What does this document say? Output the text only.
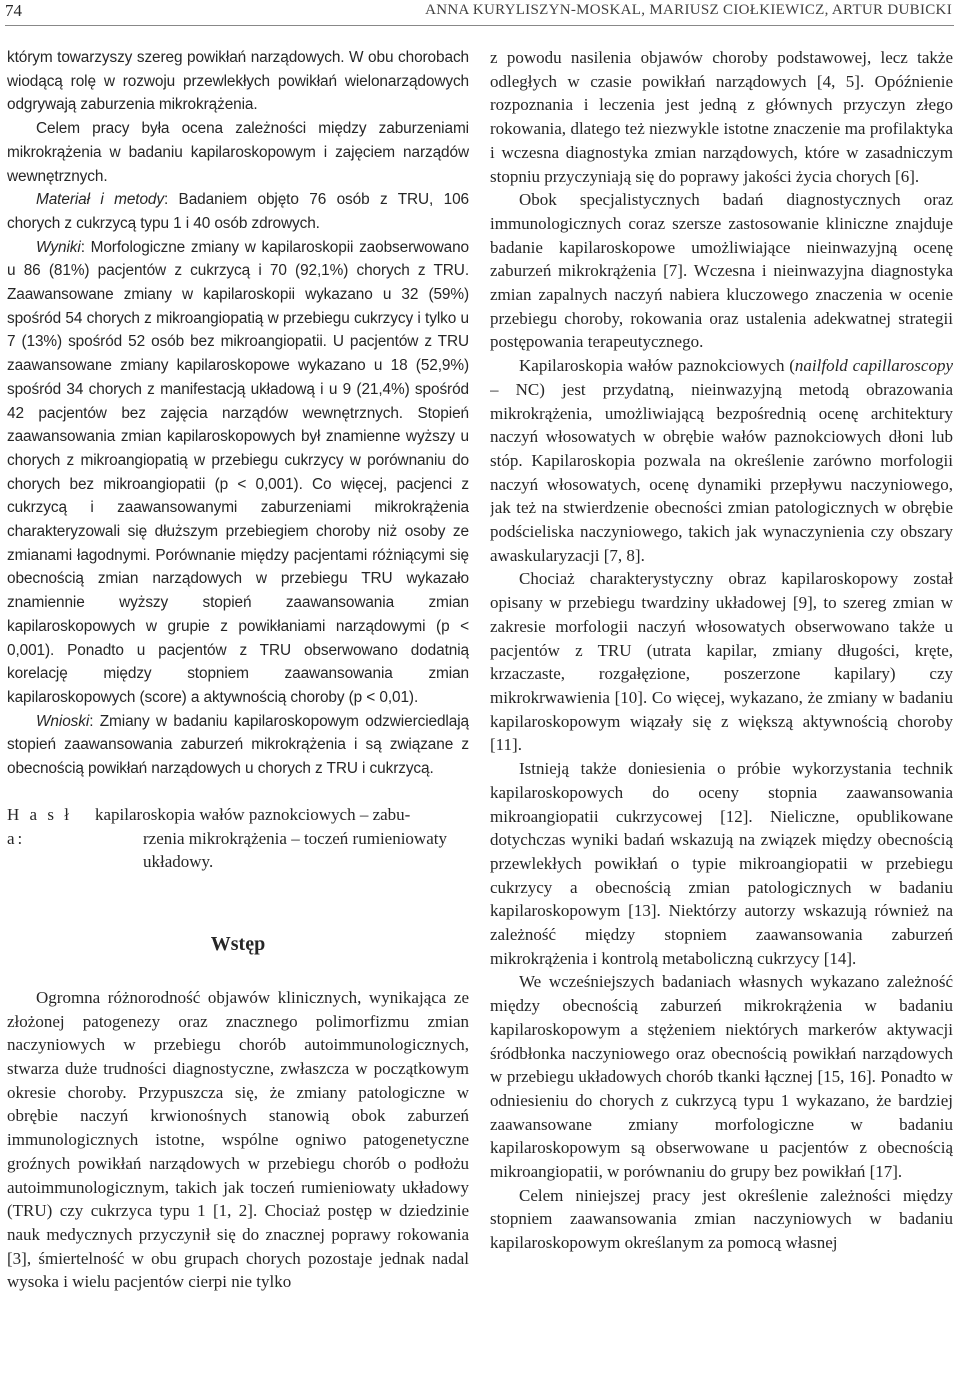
74	ANNA KURYLISZYN-MOSKAL, MARIUSZ CIOŁKIEWICZ, ARTUR DUBICKI

którym towarzyszy szereg powikłań narządowych. W obu chorobach wiodącą rolę w rozwoju przewlekłych powikłań wielonarządowych odgrywają zaburzenia mikrokrążenia.

Celem pracy była ocena zależności między zaburzeniami mikrokrążenia w badaniu kapilaroskopowym i zajęciem narządów wewnętrznych.

Materiał i metody: Badaniem objęto 76 osób z TRU, 106 chorych z cukrzycą typu 1 i 40 osób zdrowych.

Wyniki: Morfologiczne zmiany w kapilaroskopii zaobserwowano u 86 (81%) pacjentów z cukrzycą i 70 (92,1%) chorych z TRU. Zaawansowane zmiany w kapilaroskopii wykazano u 32 (59%) spośród 54 chorych z mikroangiopatią w przebiegu cukrzycy i tylko u 7 (13%) spośród 52 osób bez mikroangiopatii. U pacjentów z TRU zaawansowane zmiany kapilaroskopowe wykazano u 18 (52,9%) spośród 34 chorych z manifestacją układową i u 9 (21,4%) spośród 42 pacjentów bez zajęcia narządów wewnętrznych. Stopień zaawansowania zmian kapilaroskopowych był znamienne wyższy u chorych z mikroangiopatią w przebiegu cukrzycy w porównaniu do chorych bez mikroangiopatii (p < 0,001). Co więcej, pacjenci z cukrzycą i zaawansowanymi zaburzeniami mikrokrążenia charakteryzowali się dłuższym przebiegiem choroby niż osoby ze zmianami łagodnymi. Porównanie między pacjentami różniącymi się obecnością zmian narządowych w przebiegu TRU wykazało znamiennie wyższy stopień zaawansowania zmian kapilaroskopowych w grupie z powikłaniami narządowymi (p < 0,001). Ponadto u pacjentów z TRU obserwowano dodatnią korelację między stopniem zaawansowania zmian kapilaroskopowych (score) a aktywnością choroby (p < 0,01).

Wnioski: Zmiany w badaniu kapilaroskopowym odzwierciedlają stopień zaawansowania zaburzeń mikrokrążenia i są związane z obecnością powikłań narządowych u chorych z TRU i cukrzycą.

H a s ł a:
kapilaroskopia wałów paznokciowych – zabu-
rzenia mikrokrążenia – toczeń rumieniowaty
układowy.
Wstęp

Ogromna różnorodność objawów klinicznych, wynikająca ze złożonej patogenezy oraz znacznego polimorfizmu zmian naczyniowych w przebiegu chorób autoimmunologicznych, stwarza duże trudności diagnostyczne, zwłaszcza w początkowym okresie choroby. Przypuszcza się, że zmiany patologiczne w obrębie naczyń krwionośnych stanowią obok zaburzeń immunologicznych istotne, wspólne ogniwo patogenetyczne groźnych powikłań narządowych w przebiegu chorób o podłożu autoimmunologicznym, takich jak toczeń rumieniowaty układowy (TRU) czy cukrzyca typu 1 [1, 2]. Chociaż postęp w dziedzinie nauk medycznych przyczynił się do znacznej poprawy rokowania [3], śmiertelność w obu grupach chorych pozostaje jednak nadal wysoka i wielu pacjentów cierpi nie tylko

z powodu nasilenia objawów choroby podstawowej, lecz także odległych w czasie powikłań narządowych [4, 5]. Opóźnienie rozpoznania i leczenia jest jedną z głównych przyczyn złego rokowania, dlatego też niezwykle istotne znaczenie ma profilaktyka i wczesna diagnostyka zmian narządowych, które w zasadniczym stopniu przyczyniają się do poprawy jakości życia chorych [6].

Obok specjalistycznych badań diagnostycznych oraz immunologicznych coraz szersze zastosowanie kliniczne znajduje badanie kapilaroskopowe umożliwiające nieinwazyjną ocenę zaburzeń mikrokrążenia [7]. Wczesna i nieinwazyjna diagnostyka zmian zapalnych naczyń nabiera kluczowego znaczenia w ocenie przebiegu choroby, rokowania oraz ustalenia adekwatnej strategii postępowania terapeutycznego.

Kapilaroskopia wałów paznokciowych (nailfold capillaroscopy – NC) jest przydatną, nieinwazyjną metodą obrazowania mikrokrążenia, umożliwiającą bezpośrednią ocenę architektury naczyń włosowatych w obrębie wałów paznokciowych dłoni lub stóp. Kapilaroskopia pozwala na określenie zarówno morfologii naczyń włosowatych, ocenę dynamiki przepływu naczyniowego, jak też na stwierdzenie obecności zmian patologicznych w obrębie podścieliska naczyniowego, takich jak wynaczynienia czy obszary awaskularyzacji [7, 8].

Chociaż charakterystyczny obraz kapilaroskopowy został opisany w przebiegu twardziny układowej [9], to szereg zmian w zakresie morfologii naczyń włosowatych obserwowano także u pacjentów z TRU (utrata kapilar, zmiany długości, kręte, krzaczaste, rozgałęzione, poszerzone kapilary) czy mikrokrwawienia [10]. Co więcej, wykazano, że zmiany w badaniu kapilaroskopowym wiązały się z większą aktywnością choroby [11].

Istnieją także doniesienia o próbie wykorzystania technik kapilaroskopowych do oceny stopnia zaawansowania mikroangiopatii cukrzycowej [12]. Nieliczne, opublikowane dotychczas wyniki badań wskazują na związek między obecnością przewlekłych powikłań o typie mikroangiopatii w przebiegu cukrzycy a obecnością zmian patologicznych w badaniu kapilaroskopowym [13]. Niektórzy autorzy wskazują również na zależność między stopniem zaawansowania zaburzeń mikrokrążenia i kontrolą metaboliczną cukrzycy [14].

We wcześniejszych badaniach własnych wykazano zależność między obecnością zaburzeń mikrokrążenia w badaniu kapilaroskopowym a stężeniem niektórych markerów aktywacji śródbłonka naczyniowego oraz obecnością powikłań narządowych w przebiegu układowych chorób tkanki łącznej [15, 16]. Ponadto w odniesieniu do chorych z cukrzycą typu 1 wykazano, że bardziej zaawansowane zmiany morfologiczne w badaniu kapilaroskopowym są obserwowane u pacjentów z obecnością mikroangiopatii, w porównaniu do grupy bez powikłań [17].

Celem niniejszej pracy jest określenie zależności między stopniem zaawansowania zmian naczyniowych w badaniu kapilaroskopowym określanym za pomocą własnej
